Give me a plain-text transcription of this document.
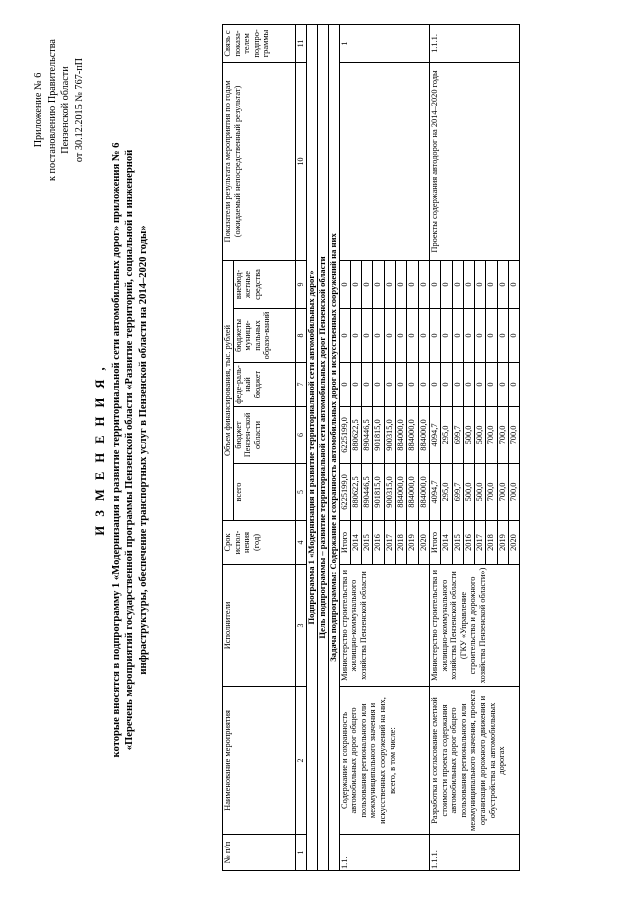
Приложение № 6 к постановлению Правительства Пензенской области от 30.12.2015 № 767-пП
И З М Е Н Е Н И Я , которые вносятся в подпрограмму 1 «Модернизация и развитие территориальной сети автомобильных дорог» приложения № 6 «Перечень мероприятий государственной программы Пензенской области «Развитие территорий, социальной и инженерной инфраструктуры, обеспечение транспортных услуг в Пензенской области на 2014–2020 годы»
№ п/п	Наименование мероприятия	Исполнители	Срок испол-нения (год)	Объем финансирования, тыс. рублей					Показатели результата мероприятия по годам (ожидаемый непосредственный результат)	Связь с показа-телем подпро-граммы
				всего	бюджет Пензен-ской области	феде-раль-ный бюджет	бюджеты муници-пальных образо-ваний	внебюд-жетные средства		
1	2	3	4	5	6	7	8	9	10	11
Подпрограмма 1 «Модернизация и развитие территориальной сети автомобильных дорог»										
Цель подпрограммы – развитие территориальной сети автомобильных дорог Пензенской области										
Задача подпрограммы: Содержание и сохранность автомобильных дорог и искусственных сооружений на них										
1.1.	Содержание и сохранность автомобильных дорог общего пользования регионального или межмуниципального значения и искусственных сооружений на них, всего, в том числе:	Министерство строительства и жилищно-коммунального хозяйства Пензенской области	Итого	6225199,0	6225199,0	0	0	0		1
			2014	880622,5	880622,5	0	0	0		
			2015	890446,5	890446,5	0	0	0		
			2016	901815,0	901815,0	0	0	0		
			2017	900315,0	900315,0	0	0	0		
			2018	884000,0	884000,0	0	0	0		
			2019	884000,0	884000,0	0	0	0		
			2020	884000,0	884000,0	0	0	0		
1.1.1.	Разработка и согласование сметной стоимости проекта содержания автомобильных дорог общего пользования регионального или межмуниципального значения, проекта организации дорожного движения и обустройства на автомобильных дорогах	Министерство строительства и жилищно-коммунального хозяйства Пензенской области (ГКУ «Управление строительства и дорожного хозяйства Пензенской области»)	Итого	4094,7	4094,7	0	0	0	Проекты содержания автодорог на 2014–2020 годы	1.1.1.
			2014	295,0	295,0	0	0	0		
			2015	699,7	699,7	0	0	0		
			2016	500,0	500,0	0	0	0		
			2017	500,0	500,0	0	0	0		
			2018	700,0	700,0	0	0	0		
			2019	700,0	700,0	0	0	0		
			2020	700,0	700,0	0	0	0		
